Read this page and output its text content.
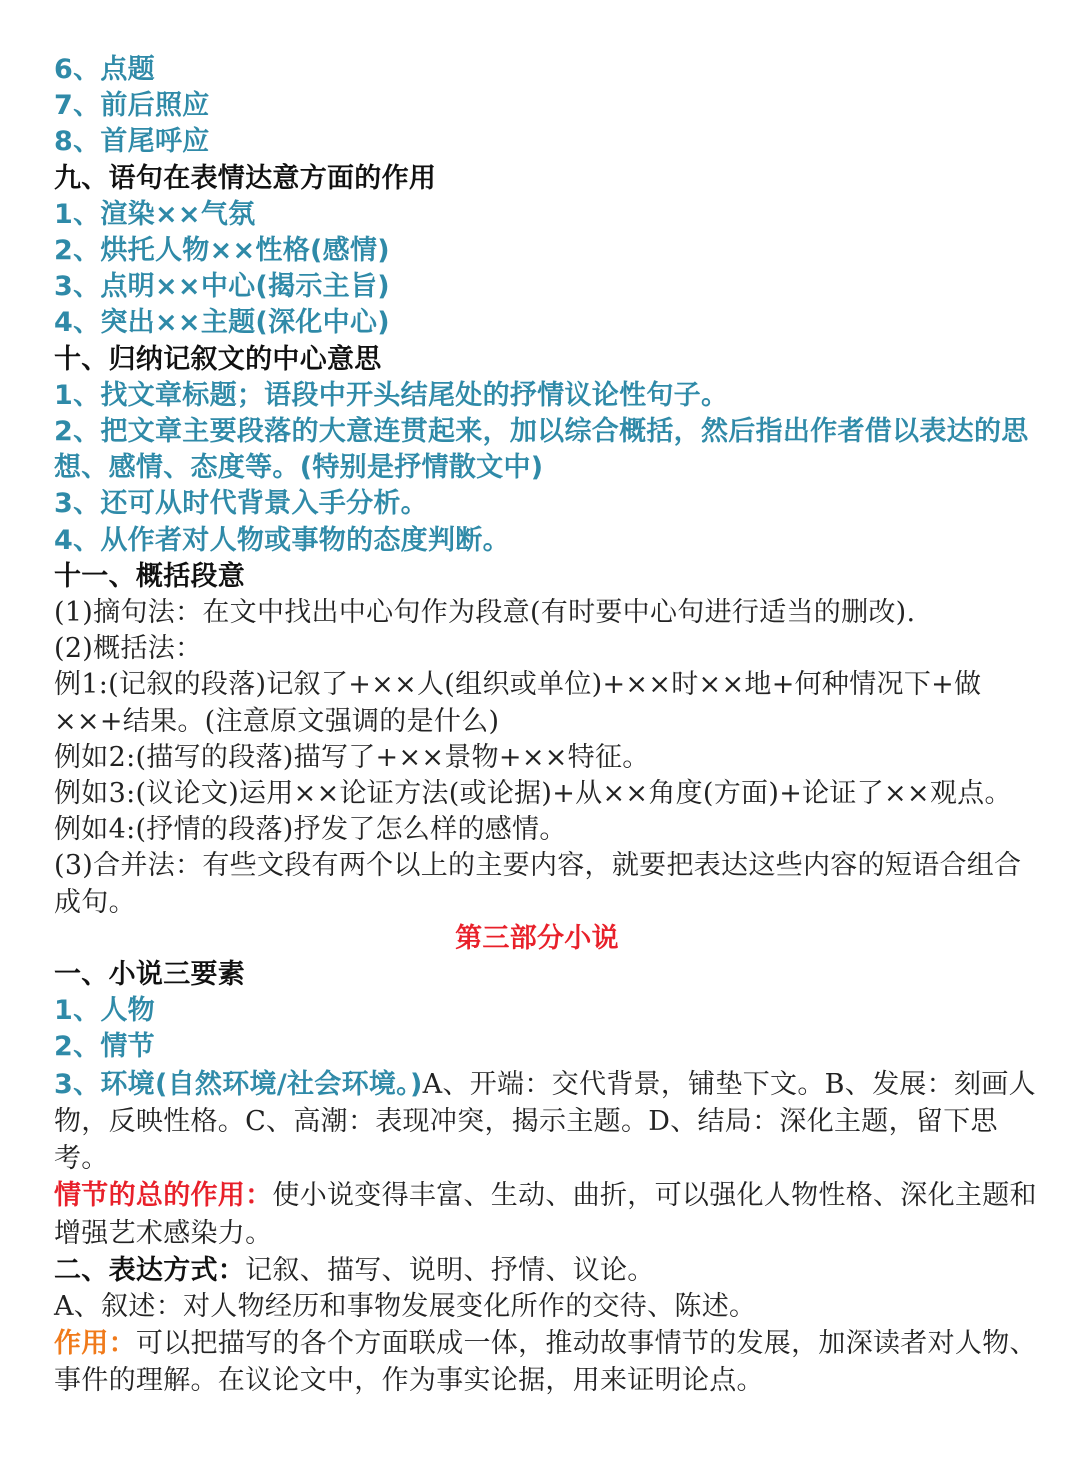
6、点题

7、前后照应

8、首尾呼应

九、语句在表情达意方面的作用

1、渲染××气氛

2、烘托人物××性格(感情)

3、点明××中心(揭示主旨)

4、突出××主题(深化中心)

十、归纳记叙文的中心意思

1、找文章标题；语段中开头结尾处的抒情议论性句子。

2、把文章主要段落的大意连贯起来，加以综合概括，然后指出作者借以表达的思想、感情、态度等。(特别是抒情散文中)

3、还可从时代背景入手分析。

4、从作者对人物或事物的态度判断。

十一、概括段意

(1)摘句法：在文中找出中心句作为段意(有时要中心句进行适当的删改).

(2)概括法：

例1:(记叙的段落)记叙了+××人(组织或单位)+××时××地+何种情况下+做××+结果。(注意原文强调的是什么)

例如2:(描写的段落)描写了+××景物+××特征。

例如3:(议论文)运用××论证方法(或论据)+从××角度(方面)+论证了××观点。

例如4:(抒情的段落)抒发了怎么样的感情。

(3)合并法：有些文段有两个以上的主要内容，就要把表达这些内容的短语合组合成句。

第三部分小说

一、小说三要素

1、人物

2、情节

3、环境(自然环境/社会环境。)A、开端：交代背景，铺垫下文。B、发展：刻画人物，反映性格。C、高潮：表现冲突，揭示主题。D、结局：深化主题，留下思考。

情节的总的作用：使小说变得丰富、生动、曲折，可以强化人物性格、深化主题和增强艺术感染力。

二、表达方式：记叙、描写、说明、抒情、议论。

A、叙述：对人物经历和事物发展变化所作的交待、陈述。

作用：可以把描写的各个方面联成一体，推动故事情节的发展，加深读者对人物、事件的理解。在议论文中，作为事实论据，用来证明论点。
